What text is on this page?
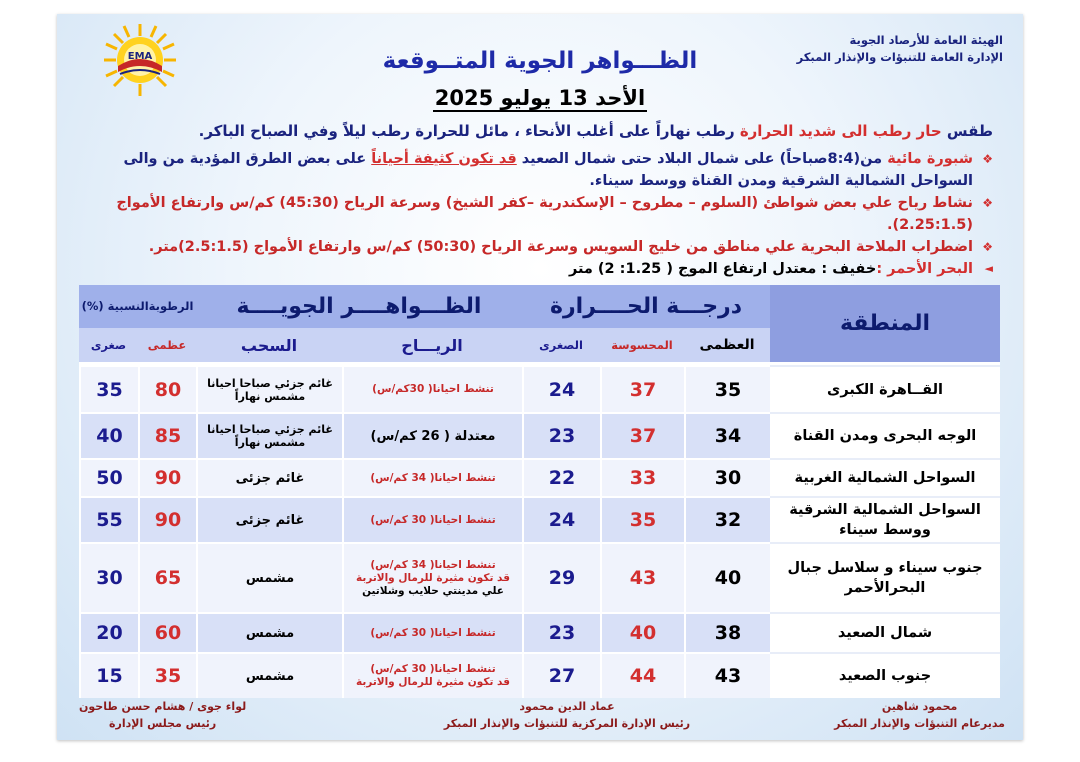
الهيئة العامة للأرصاد الجوية
الإدارة العامة للتنبؤات والإنذار المبكر
EMA	الظـــواهر الجوية المتــوقعة
الأحد 13 يوليو 2025

طقس حار رطب الى شديد الحرارة رطب نهاراً على أغلب الأنحاء ، مائل للحرارة رطب ليلاً وفي الصباح الباكر.

❖
شبورة مائية من(8:4صباحاً) على شمال البلاد حتى شمال الصعيد قد تكون كثيفة أحياناً على بعض الطرق المؤدية من والى
السواحل الشمالية الشرقية ومدن القناة ووسط سيناء.

❖
نشاط رياح علي بعض شواطئ (السلوم – مطروح – الإسكندرية –كفر الشيخ) وسرعة الرياح (45:30) كم/س وارتفاع الأمواج (2.25:1.5).

❖
اضطراب الملاحة البحرية علي مناطق من خليج السويس وسرعة الرياح (50:30) كم/س وارتفاع الأمواج (2.5:1.5)متر.

◄
البحر الأحمر :خفيف : معتدل ارتفاع الموج ( 1.25: 2) متر

المنطقة	درجـــة الحــــرارة			الظـــواهــــر الجويــــة		الرطوبةالنسبية (%)	
	العظمى	المحسوسة	الصغرى	الريـــاح	السحب	عظمى	صغرى
القــاهرة الكبرى	35	37	24	تنشط احيانا( 30كم/س)	غائم جزئي صباحا احيانا مشمس نهاراً	80	35
الوجه البحرى ومدن القناة	34	37	23	معتدلة ( 26 كم/س)	غائم جزئي صباحا احيانا مشمس نهاراً	85	40
السواحل الشمالية الغربية	30	33	22	تنشط احيانا( 34 كم/س)	غائم جزئى	90	50
السواحل الشمالية الشرقية ووسط سيناء	32	35	24	تنشط احيانا( 30 كم/س)	غائم جزئى	90	55
جنوب سيناء و سلاسل جبال البحرالأحمر	40	43	29	تنشط احيانا( 34 كم/س)
قد تكون مثيرة للرمال والاتربة
علي مدينتي حلايب وشلاتين	مشمس	65	30
شمال الصعيد	38	40	23	تنشط احيانا( 30 كم/س)	مشمس	60	20
جنوب الصعيد	43	44	27	تنشط احيانا( 30 كم/س)
قد تكون مثيرة للرمال والاتربة	مشمس	35	15
محمود شاهين
مديرعام التنبؤات والإنذار المبكر
عماد الدين محمود
رئيس الإدارة المركزية للتنبؤات والإنذار المبكر
لواء جوى / هشام حسن طاحون
رئيس مجلس الإدارة
